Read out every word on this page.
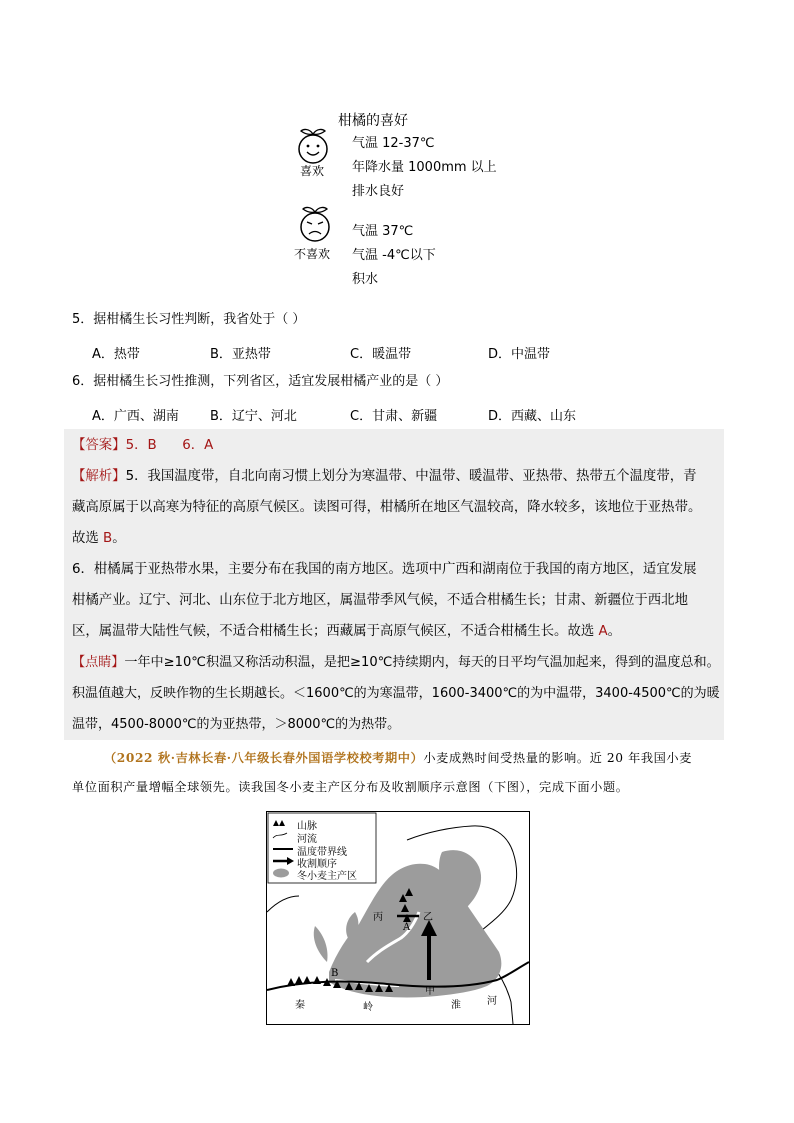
柑橘的喜好
喜欢
气温 12-37℃
年降水量 1000mm 以上
排水良好
不喜欢
气温 37℃
气温 -4℃以下
积水
5．据柑橘生长习性判断，我省处于（ ）
A．热带	B．亚热带	C．暖温带	D．中温带
6．据柑橘生长习性推测，下列省区，适宜发展柑橘产业的是（ ）
A．广西、湖南 B．辽宁、河北	C．甘肃、新疆	D．西藏、山东
【答案】5．B      6．A
【解析】5．我国温度带，自北向南习惯上划分为寒温带、中温带、暖温带、亚热带、热带五个温度带，青
藏高原属于以高寒为特征的高原气候区。读图可得，柑橘所在地区气温较高，降水较多，该地位于亚热带。
故选 B。
6．柑橘属于亚热带水果，主要分布在我国的南方地区。选项中广西和湖南位于我国的南方地区，适宜发展
柑橘产业。辽宁、河北、山东位于北方地区，属温带季风气候，不适合柑橘生长；甘肃、新疆位于西北地
区，属温带大陆性气候，不适合柑橘生长；西藏属于高原气候区，不适合柑橘生长。故选 A。
【点睛】一年中≥10℃积温又称活动积温，是把≥10℃持续期内，每天的日平均气温加起来，得到的温度总和。
积温值越大，反映作物的生长期越长。＜1600℃的为寒温带，1600-3400℃的为中温带，3400-4500℃的为暖
温带，4500-8000℃的为亚热带，＞8000℃的为热带。
（2022 秋·吉林长春·八年级长春外国语学校校考期中）小麦成熟时间受热量的影响。近 20 年我国小麦
单位面积产量增幅全球领先。读我国冬小麦主产区分布及收割顺序示意图（下图），完成下面小题。
山脉
河流
温度带界线
收割顺序
冬小麦主产区
丙	乙
A
B
甲
秦	岭	淮	河
